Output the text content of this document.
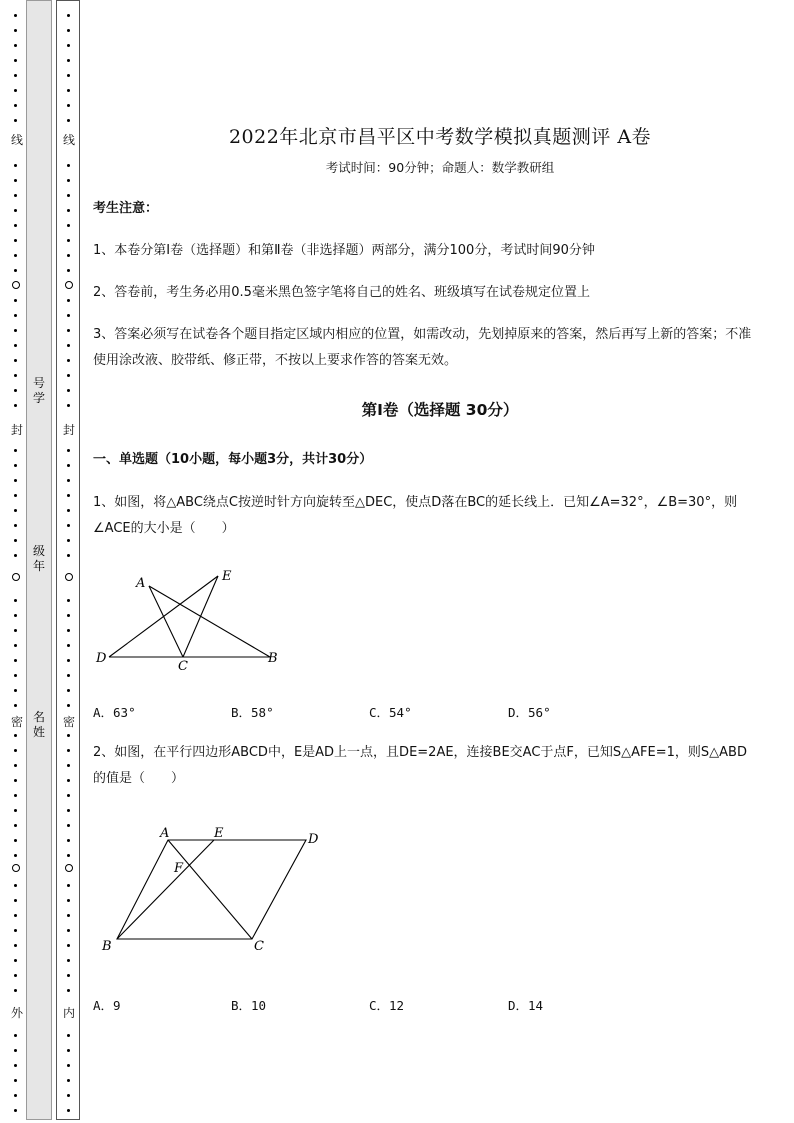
号
学
级
年
名
姓
线
封
密
外
线
封
密
内
2022年北京市昌平区中考数学模拟真题测评 A卷
考试时间：90分钟；命题人：数学教研组
考生注意：
1、本卷分第I卷（选择题）和第Ⅱ卷（非选择题）两部分，满分100分，考试时间90分钟
2、答卷前，考生务必用0.5毫米黑色签字笔将自己的姓名、班级填写在试卷规定位置上
3、答案必须写在试卷各个题目指定区域内相应的位置，如需改动，先划掉原来的答案，然后再写上新的答案；不准使用涂改液、胶带纸、修正带，不按以上要求作答的答案无效。
第I卷（选择题 30分）
一、单选题（10小题，每小题3分，共计30分）
1、如图，将△ABC绕点C按逆时针方向旋转至△DEC，使点D落在BC的延长线上．已知∠A=32°，∠B=30°，则∠ACE的大小是（　　）
A	E
D
C
B
A．63°	B．58°	C．54°	D．56°
2、如图，在平行四边形ABCD中，E是AD上一点，且DE=2AE，连接BE交AC于点F，已知S△AFE=1，则S△ABD的值是（　　）
A	E	D
F
B	C
A．9	B．10	C．12	D．14
